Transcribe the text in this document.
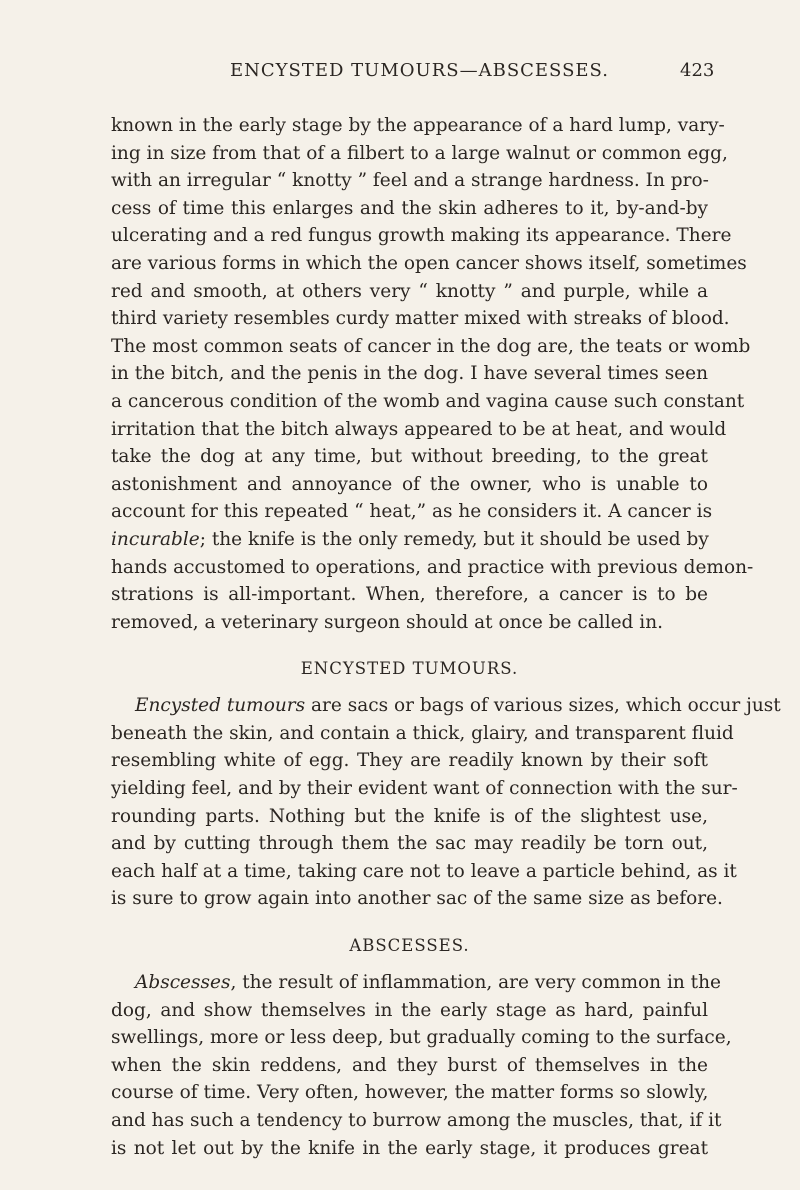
ENCYSTED TUMOURS—ABSCESSES.	423
known in the early stage by the appearance of a hard lump, vary-
ing in size from that of a filbert to a large walnut or common egg,
with an irregular “ knotty ” feel and a strange hardness. In pro-
cess of time this enlarges and the skin adheres to it, by-and-by
ulcerating and a red fungus growth making its appearance. There
are various forms in which the open cancer shows itself, sometimes
red and smooth, at others very “ knotty ” and purple, while a
third variety resembles curdy matter mixed with streaks of blood.
The most common seats of cancer in the dog are, the teats or womb
in the bitch, and the penis in the dog. I have several times seen
a cancerous condition of the womb and vagina cause such constant
irritation that the bitch always appeared to be at heat, and would
take the dog at any time, but without breeding, to the great
astonishment and annoyance of the owner, who is unable to
account for this repeated “ heat,” as he considers it. A cancer is
incurable; the knife is the only remedy, but it should be used by
hands accustomed to operations, and practice with previous demon-
strations is all-important. When, therefore, a cancer is to be
removed, a veterinary surgeon should at once be called in.
ENCYSTED TUMOURS.
Encysted tumours are sacs or bags of various sizes, which occur just
beneath the skin, and contain a thick, glairy, and transparent fluid
resembling white of egg. They are readily known by their soft
yielding feel, and by their evident want of connection with the sur-
rounding parts. Nothing but the knife is of the slightest use,
and by cutting through them the sac may readily be torn out,
each half at a time, taking care not to leave a particle behind, as it
is sure to grow again into another sac of the same size as before.
ABSCESSES.
Abscesses, the result of inflammation, are very common in the
dog, and show themselves in the early stage as hard, painful
swellings, more or less deep, but gradually coming to the surface,
when the skin reddens, and they burst of themselves in the
course of time. Very often, however, the matter forms so slowly,
and has such a tendency to burrow among the muscles, that, if it
is not let out by the knife in the early stage, it produces great
